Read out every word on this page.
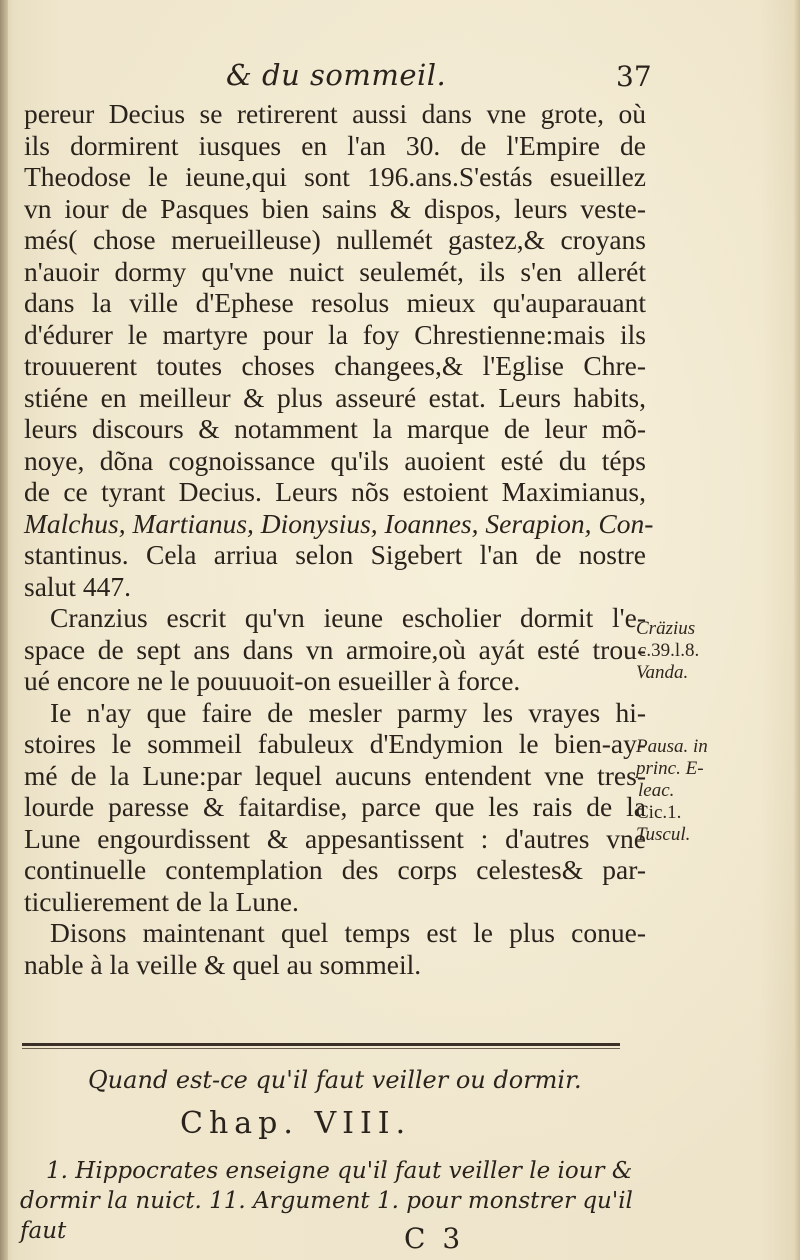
& du sommeil.	37
pereur Decius se retirerent aussi dans vne grote, où
ils dormirent iusques en l'an 30. de l'Empire de
Theodose le ieune,qui sont 196.ans.S'estás esueillez
vn iour de Pasques bien sains & dispos, leurs veste-
més( chose merueilleuse) nullemét gastez,& croyans
n'auoir dormy qu'vne nuict seulemét, ils s'en allerét
dans la ville d'Ephese resolus mieux qu'auparauant
d'édurer le martyre pour la foy Chrestienne:mais ils
trouuerent toutes choses changees,& l'Eglise Chre-
stiéne en meilleur & plus asseuré estat. Leurs habits,
leurs discours & notamment la marque de leur mõ-
noye, dõna cognoissance qu'ils auoient esté du téps
de ce tyrant Decius. Leurs nõs estoient Maximianus,
Malchus, Martianus, Dionysius, Ioannes, Serapion, Con-
stantinus. Cela arriua selon Sigebert l'an de nostre
salut 447.
Cranzius escrit qu'vn ieune escholier dormit l'e-
space de sept ans dans vn armoire,où ayát esté trou-
ué encore ne le pouuuoit-on esueiller à force.
Ie n'ay que faire de mesler parmy les vrayes hi-
stoires le sommeil fabuleux d'Endymion le bien-ay-
mé de la Lune:par lequel aucuns entendent vne tres-
lourde paresse & faitardise, parce que les rais de la
Lune engourdissent & appesantissent : d'autres vne
continuelle contemplation des corps celestes& par-
ticulierement de la Lune.
Disons maintenant quel temps est le plus conue-
nable à la veille & quel au sommeil.
Cräzius
c.39.l.8.
Vanda.
Pausa. in
princ. E-
leac.
Cic.1.
Tuscul.
Quand est-ce qu'il faut veiller ou dormir.
Chap. VIII.
1. Hippocrates enseigne qu'il faut veiller le iour &
dormir la nuict. 11. Argument 1. pour monstrer qu'il faut	C 3
